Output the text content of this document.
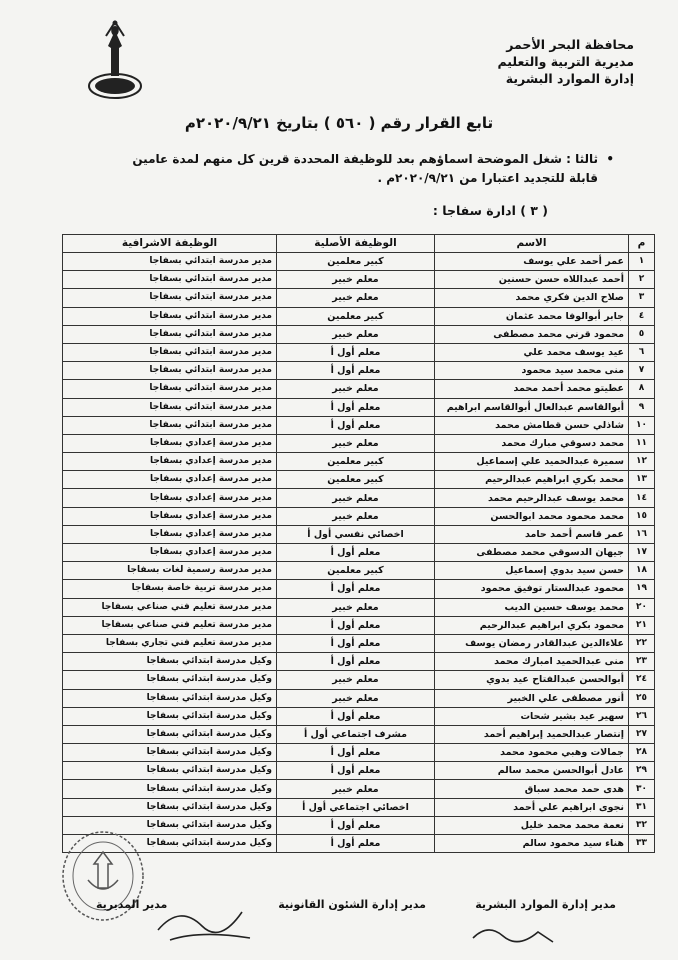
محافظة البحر الأحمر
مديرية التربية والتعليم
إدارة الموارد البشرية
تابع القرار رقم ( ٥٦٠ ) بتاريخ ٢٠٢٠/٩/٢١م
•
ثالثا : شغل الموضحة اسماؤهم بعد للوظيفة المحددة قرين كل منهم لمدة عامين
قابلة للتجديد اعتبارا من ٢٠٢٠/٩/٢١م .
( ٣ ) ادارة سفاجا :
م	الاسم	الوظيفة الأصلية	الوظيفة الاشرافية
١	عمر أحمد علي يوسف	كبير معلمين	مدير مدرسة ابتدائي بسفاجا
٢	أحمد عبداللاه حسن حسنين	معلم خبير	مدير مدرسة ابتدائي بسفاجا
٣	صلاح الدين فكري محمد	معلم خبير	مدير مدرسة ابتدائي بسفاجا
٤	جابر أبوالوفا محمد عثمان	كبير معلمين	مدير مدرسة ابتدائي بسفاجا
٥	محمود قرني محمد مصطفى	معلم خبير	مدير مدرسة ابتدائي بسفاجا
٦	عيد يوسف محمد علي	معلم أول أ	مدير مدرسة ابتدائي بسفاجا
٧	منى محمد سيد محمود	معلم أول أ	مدير مدرسة ابتدائي بسفاجا
٨	عطيتو محمد أحمد محمد	معلم خبير	مدير مدرسة ابتدائي بسفاجا
٩	أبوالقاسم عبدالعال أبوالقاسم ابراهيم	معلم أول أ	مدير مدرسة ابتدائي بسفاجا
١٠	شاذلي حسن قطامش محمد	معلم أول أ	مدير مدرسة ابتدائي بسفاجا
١١	محمد دسوقي مبارك محمد	معلم خبير	مدير مدرسة إعدادي بسفاجا
١٢	سميرة عبدالحميد علي إسماعيل	كبير معلمين	مدير مدرسة إعدادي بسفاجا
١٣	محمد بكري ابراهيم عبدالرحيم	كبير معلمين	مدير مدرسة إعدادي بسفاجا
١٤	محمد يوسف عبدالرحيم محمد	معلم خبير	مدير مدرسة إعدادي بسفاجا
١٥	محمد محمود محمد ابوالحسن	معلم خبير	مدير مدرسة إعدادي بسفاجا
١٦	عمر قاسم أحمد حامد	اخصائي نفسي أول أ	مدير مدرسة إعدادي بسفاجا
١٧	جيهان الدسوقي محمد مصطفى	معلم أول أ	مدير مدرسة إعدادي بسفاجا
١٨	حسن سيد بدوي إسماعيل	كبير معلمين	مدير مدرسة رسمية لغات بسفاجا
١٩	محمود عبدالستار توفيق محمود	معلم أول أ	مدير مدرسة تربية خاصة بسفاجا
٢٠	محمد يوسف حسين الديب	معلم خبير	مدير مدرسة تعليم فني صناعي بسفاجا
٢١	محمود بكري ابراهيم عبدالرحيم	معلم أول أ	مدير مدرسة تعليم فني صناعي بسفاجا
٢٢	علاءالدين عبدالقادر رمضان يوسف	معلم أول أ	مدير مدرسة تعليم فني تجاري بسفاجا
٢٣	منى عبدالحميد امبارك محمد	معلم أول أ	وكيل مدرسة ابتدائي بسفاجا
٢٤	أبوالحسن عبدالفتاح عيد بدوي	معلم خبير	وكيل مدرسة ابتدائي بسفاجا
٢٥	أنور مصطفى علي الخبير	معلم خبير	وكيل مدرسة ابتدائي بسفاجا
٢٦	سهير عيد بشير شحات	معلم أول أ	وكيل مدرسة ابتدائي بسفاجا
٢٧	إنتصار عبدالحميد إبراهيم أحمد	مشرف اجتماعي أول أ	وكيل مدرسة ابتدائي بسفاجا
٢٨	جمالات وهبي محمود محمد	معلم أول أ	وكيل مدرسة ابتدائي بسفاجا
٢٩	عادل أبوالحسن محمد سالم	معلم أول أ	وكيل مدرسة ابتدائي بسفاجا
٣٠	هدى حمد محمد سباق	معلم خبير	وكيل مدرسة ابتدائي بسفاجا
٣١	نجوى ابراهيم علي أحمد	اخصائي اجتماعي أول أ	وكيل مدرسة ابتدائي بسفاجا
٣٢	نعمة محمد محمد خليل	معلم أول أ	وكيل مدرسة ابتدائي بسفاجا
٣٣	هناء سيد محمود سالم	معلم أول أ	وكيل مدرسة ابتدائي بسفاجا
مدير إدارة الموارد البشرية
مدير إدارة الشئون القانونية
مدير المديرية
